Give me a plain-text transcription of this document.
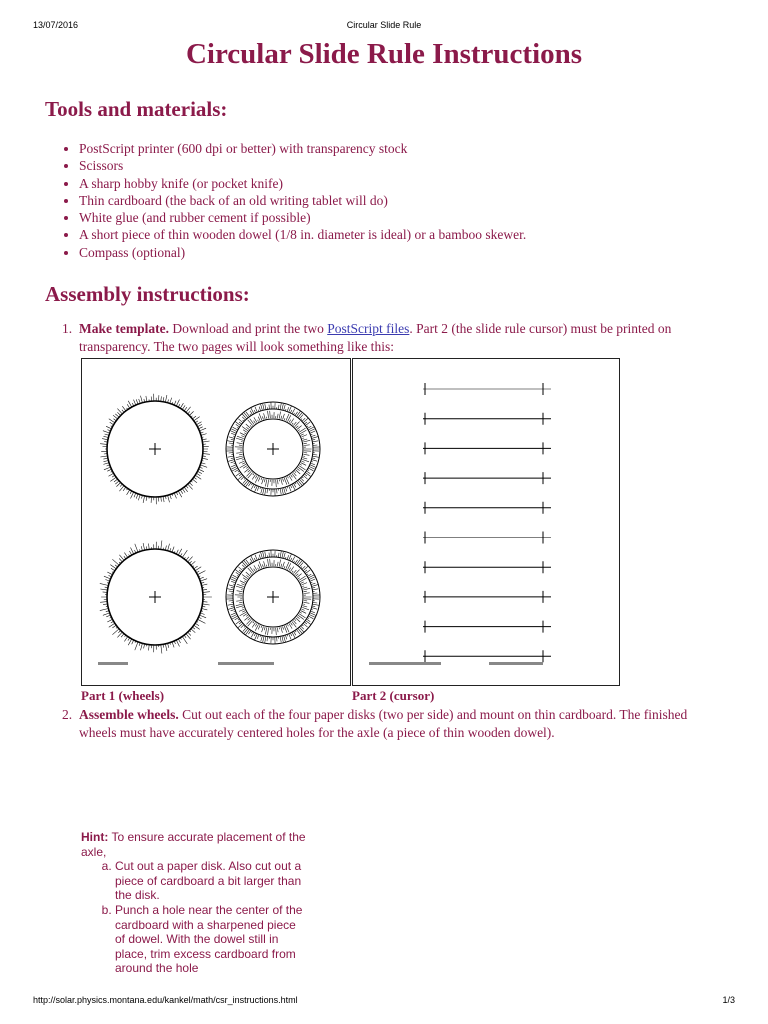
13/07/2016	Circular Slide Rule
Circular Slide Rule Instructions
Tools and materials:
• PostScript printer (600 dpi or better) with transparency stock
• Scissors
• A sharp hobby knife (or pocket knife)
• Thin cardboard (the back of an old writing tablet will do)
• White glue (and rubber cement if possible)
• A short piece of thin wooden dowel (1/8 in. diameter is ideal) or a bamboo skewer.
• Compass (optional)
Assembly instructions:
1. Make template. Download and print the two PostScript files. Part 2 (the slide rule cursor) must be printed on transparency. The two pages will look something like this:
Part 1 (wheels)	Part 2 (cursor)
2. Assemble wheels. Cut out each of the four paper disks (two per side) and mount on thin cardboard. The finished wheels must have accurately centered holes for the axle (a piece of thin wooden dowel).
Hint: To ensure accurate placement of the axle,
a. Cut out a paper disk. Also cut out a piece of cardboard a bit larger than the disk.
b. Punch a hole near the center of the cardboard with a sharpened piece of dowel. With the dowel still in place, trim excess cardboard from around the hole
http://solar.physics.montana.edu/kankel/math/csr_instructions.html	1/3
